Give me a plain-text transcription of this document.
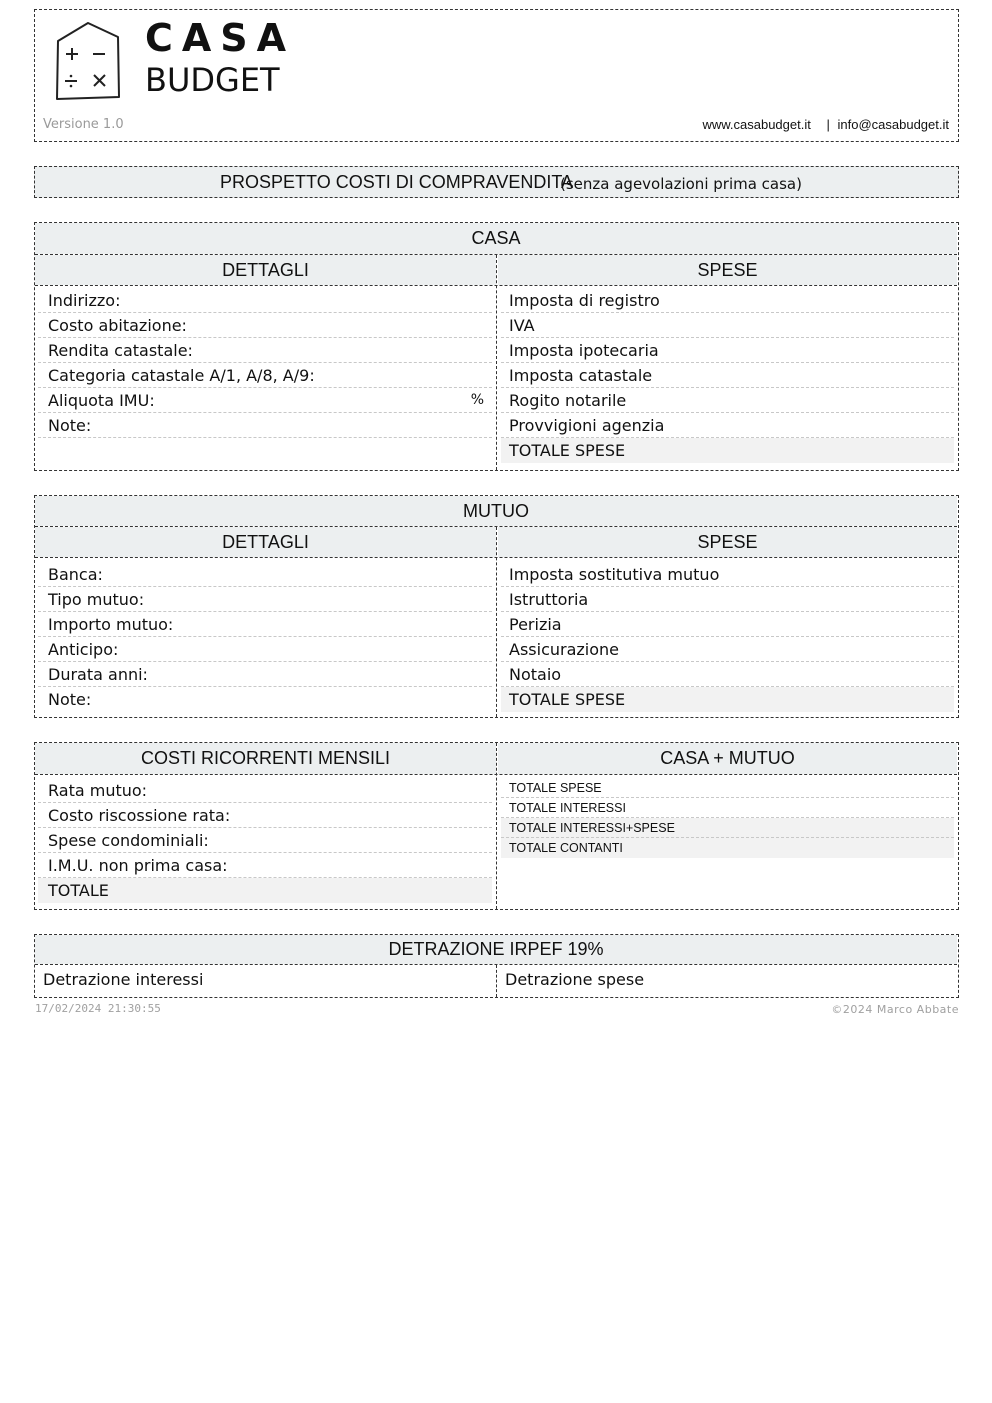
CASA
BUDGET
Versione 1.0	www.casabudget.it | info@casabudget.it
PROSPETTO COSTI DI COMPRAVENDITA
(senza agevolazioni prima casa)
CASA
DETTAGLI	SPESE
Indirizzo:
Costo abitazione:
Rendita catastale:
Categoria catastale A/1, A/8, A/9:
Aliquota IMU:	%
Note:
Imposta di registro
IVA
Imposta ipotecaria
Imposta catastale
Rogito notarile
Provvigioni agenzia
TOTALE SPESE
MUTUO
DETTAGLI	SPESE
Banca:
Tipo mutuo:
Importo mutuo:
Anticipo:
Durata anni:
Note:
Imposta sostitutiva mutuo
Istruttoria
Perizia
Assicurazione
Notaio
TOTALE SPESE
COSTI RICORRENTI MENSILI	CASA + MUTUO
Rata mutuo:
Costo riscossione rata:
Spese condominiali:
I.M.U. non prima casa:
TOTALE
TOTALE SPESE
TOTALE INTERESSI
TOTALE INTERESSI+SPESE
TOTALE CONTANTI
DETRAZIONE IRPEF 19%
Detrazione interessi	Detrazione spese
17/02/2024 21:30:55	©2024 Marco Abbate
